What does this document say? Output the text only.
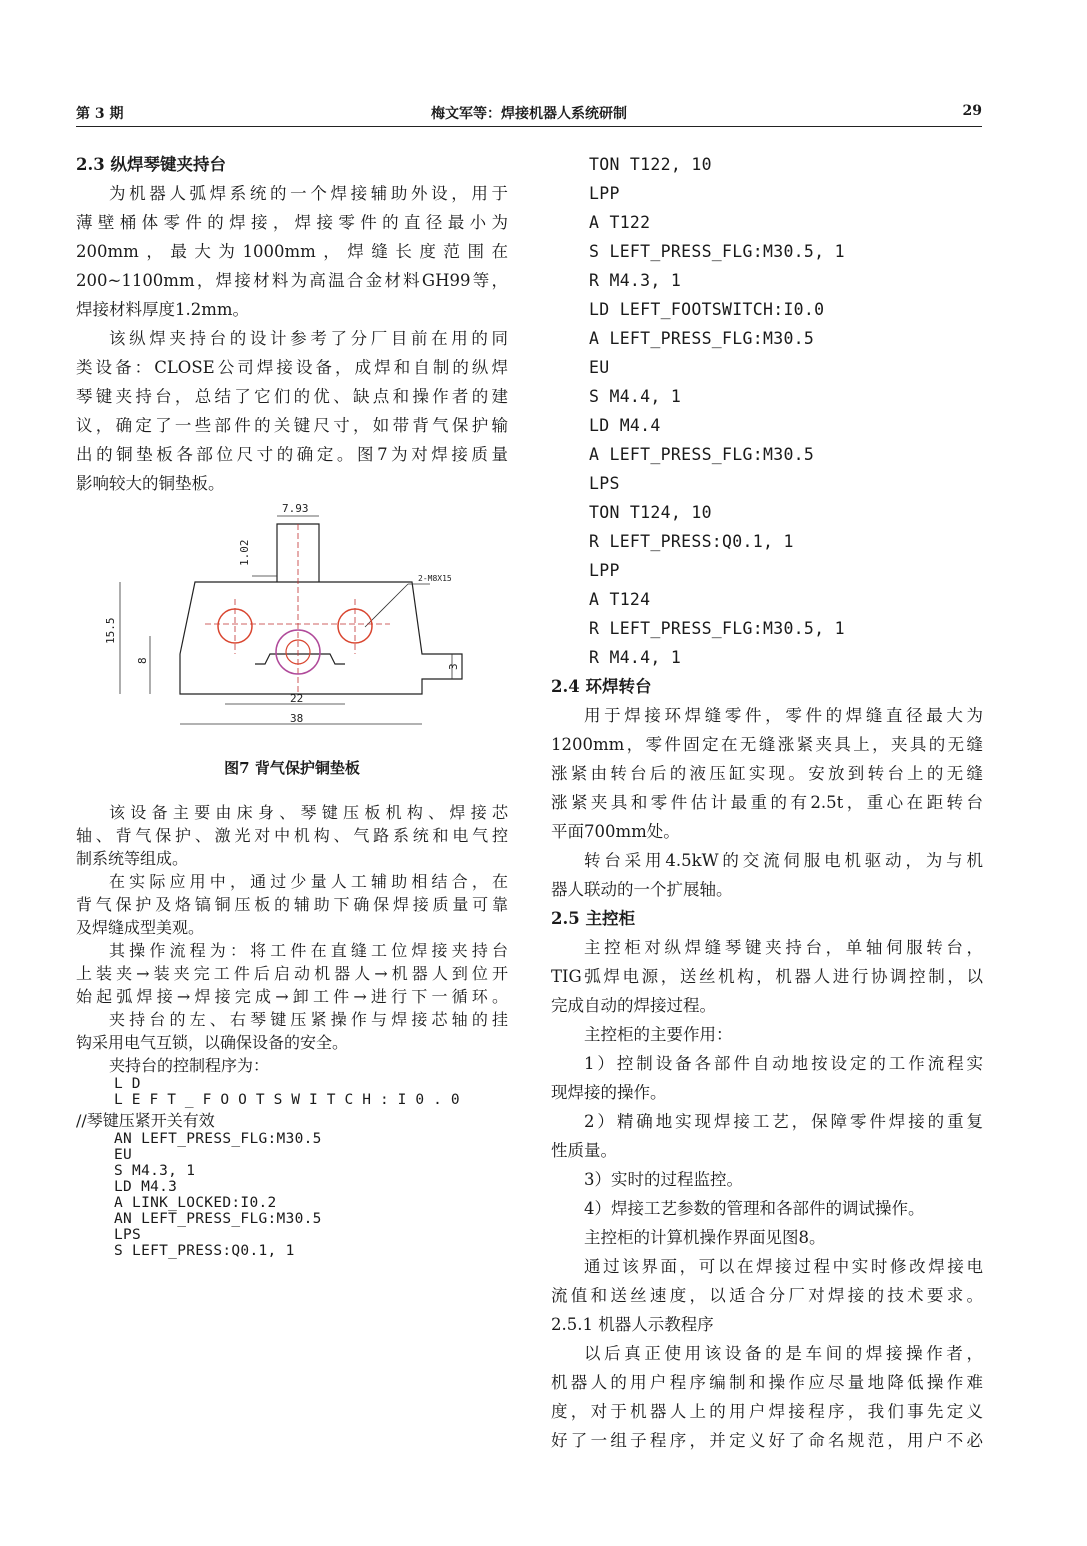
第 3 期	梅文军等：焊接机器人系统研制	29
2.3 纵焊琴键夹持台
为机器人弧焊系统的一个焊接辅助外设，用于
薄壁桶体零件的焊接，焊接零件的直径最小为
200mm，最大为1000mm，焊缝长度范围在
200~1100mm，焊接材料为高温合金材料GH99等，
焊接材料厚度1.2mm。
该纵焊夹持台的设计参考了分厂目前在用的同
类设备：CLOSE公司焊接设备，成焊和自制的纵焊
琴键夹持台，总结了它们的优、缺点和操作者的建
议，确定了一些部件的关键尺寸，如带背气保护输
出的铜垫板各部位尺寸的确定。图7为对焊接质量
影响较大的铜垫板。
7.93
1.02
2-M8X15
15.5
8
3
22
38
图7 背气保护铜垫板
该设备主要由床身、琴键压板机构、焊接芯
轴、背气保护、激光对中机构、气路系统和电气控
制系统等组成。
在实际应用中，通过少量人工辅助相结合，在
背气保护及烙镐铜压板的辅助下确保焊接质量可靠
及焊缝成型美观。
其操作流程为：将工件在直缝工位焊接夹持台
上装夹→装夹完工件后启动机器人→机器人到位开
始起弧焊接→焊接完成→卸工件→进行下一循环。
夹持台的左、右琴键压紧操作与焊接芯轴的挂
钩采用电气互锁，以确保设备的安全。
夹持台的控制程序为：
LD LEFT_FOOTSWITCH:I0.0
//琴键压紧开关有效
AN LEFT_PRESS_FLG:M30.5
EU
S M4.3, 1
LD M4.3
A LINK_LOCKED:I0.2
AN LEFT_PRESS_FLG:M30.5
LPS
S LEFT_PRESS:Q0.1, 1
TON T122, 10
LPP
A T122
S LEFT_PRESS_FLG:M30.5, 1
R M4.3, 1
LD LEFT_FOOTSWITCH:I0.0
A LEFT_PRESS_FLG:M30.5
EU
S M4.4, 1
LD M4.4
A LEFT_PRESS_FLG:M30.5
LPS
TON T124, 10
R LEFT_PRESS:Q0.1, 1
LPP
A T124
R LEFT_PRESS_FLG:M30.5, 1
R M4.4, 1
2.4 环焊转台
用于焊接环焊缝零件，零件的焊缝直径最大为
1200mm，零件固定在无缝涨紧夹具上，夹具的无缝
涨紧由转台后的液压缸实现。安放到转台上的无缝
涨紧夹具和零件估计最重的有2.5t，重心在距转台
平面700mm处。
转台采用4.5kW的交流伺服电机驱动，为与机
器人联动的一个扩展轴。
2.5 主控柜
主控柜对纵焊缝琴键夹持台，单轴伺服转台，
TIG弧焊电源，送丝机构，机器人进行协调控制，以
完成自动的焊接过程。
主控柜的主要作用：
1）控制设备各部件自动地按设定的工作流程实
现焊接的操作。
2）精确地实现焊接工艺，保障零件焊接的重复
性质量。
3）实时的过程监控。
4）焊接工艺参数的管理和各部件的调试操作。
主控柜的计算机操作界面见图8。
通过该界面，可以在焊接过程中实时修改焊接电
流值和送丝速度，以适合分厂对焊接的技术要求。
2.5.1 机器人示教程序
以后真正使用该设备的是车间的焊接操作者，
机器人的用户程序编制和操作应尽量地降低操作难
度，对于机器人上的用户焊接程序，我们事先定义
好了一组子程序，并定义好了命名规范，用户不必
